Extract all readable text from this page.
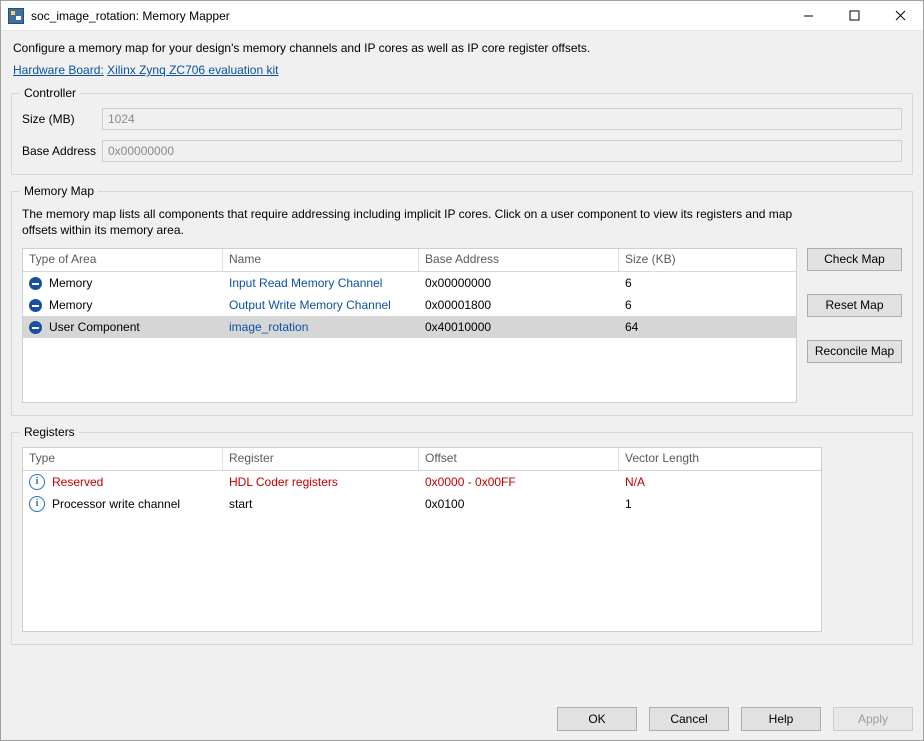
soc_image_rotation: Memory Mapper
Configure a memory map for your design's memory channels and IP cores as well as IP core register offsets.
Hardware Board: Xilinx Zynq ZC706 evaluation kit
Controller
Size (MB)	1024
Base Address 0x00000000
Memory Map
The memory map lists all components that require addressing including implicit IP cores. Click on a user component to view its registers and map offsets within its memory area.
Type of Area	Name	Base Address	Size (KB)
Memory	Input Read Memory Channel	0x00000000	6
Memory	Output Write Memory Channel	0x00001800	6
User Component	image_rotation	0x40010000	64
Check Map
Reset Map
Reconcile Map
Registers
Type	Register	Offset	Vector Length
i	Reserved	HDL Coder registers	0x0000 - 0x00FF	N/A
i	Processor write channel	start	0x0100	1
OK	Cancel	Help	Apply
